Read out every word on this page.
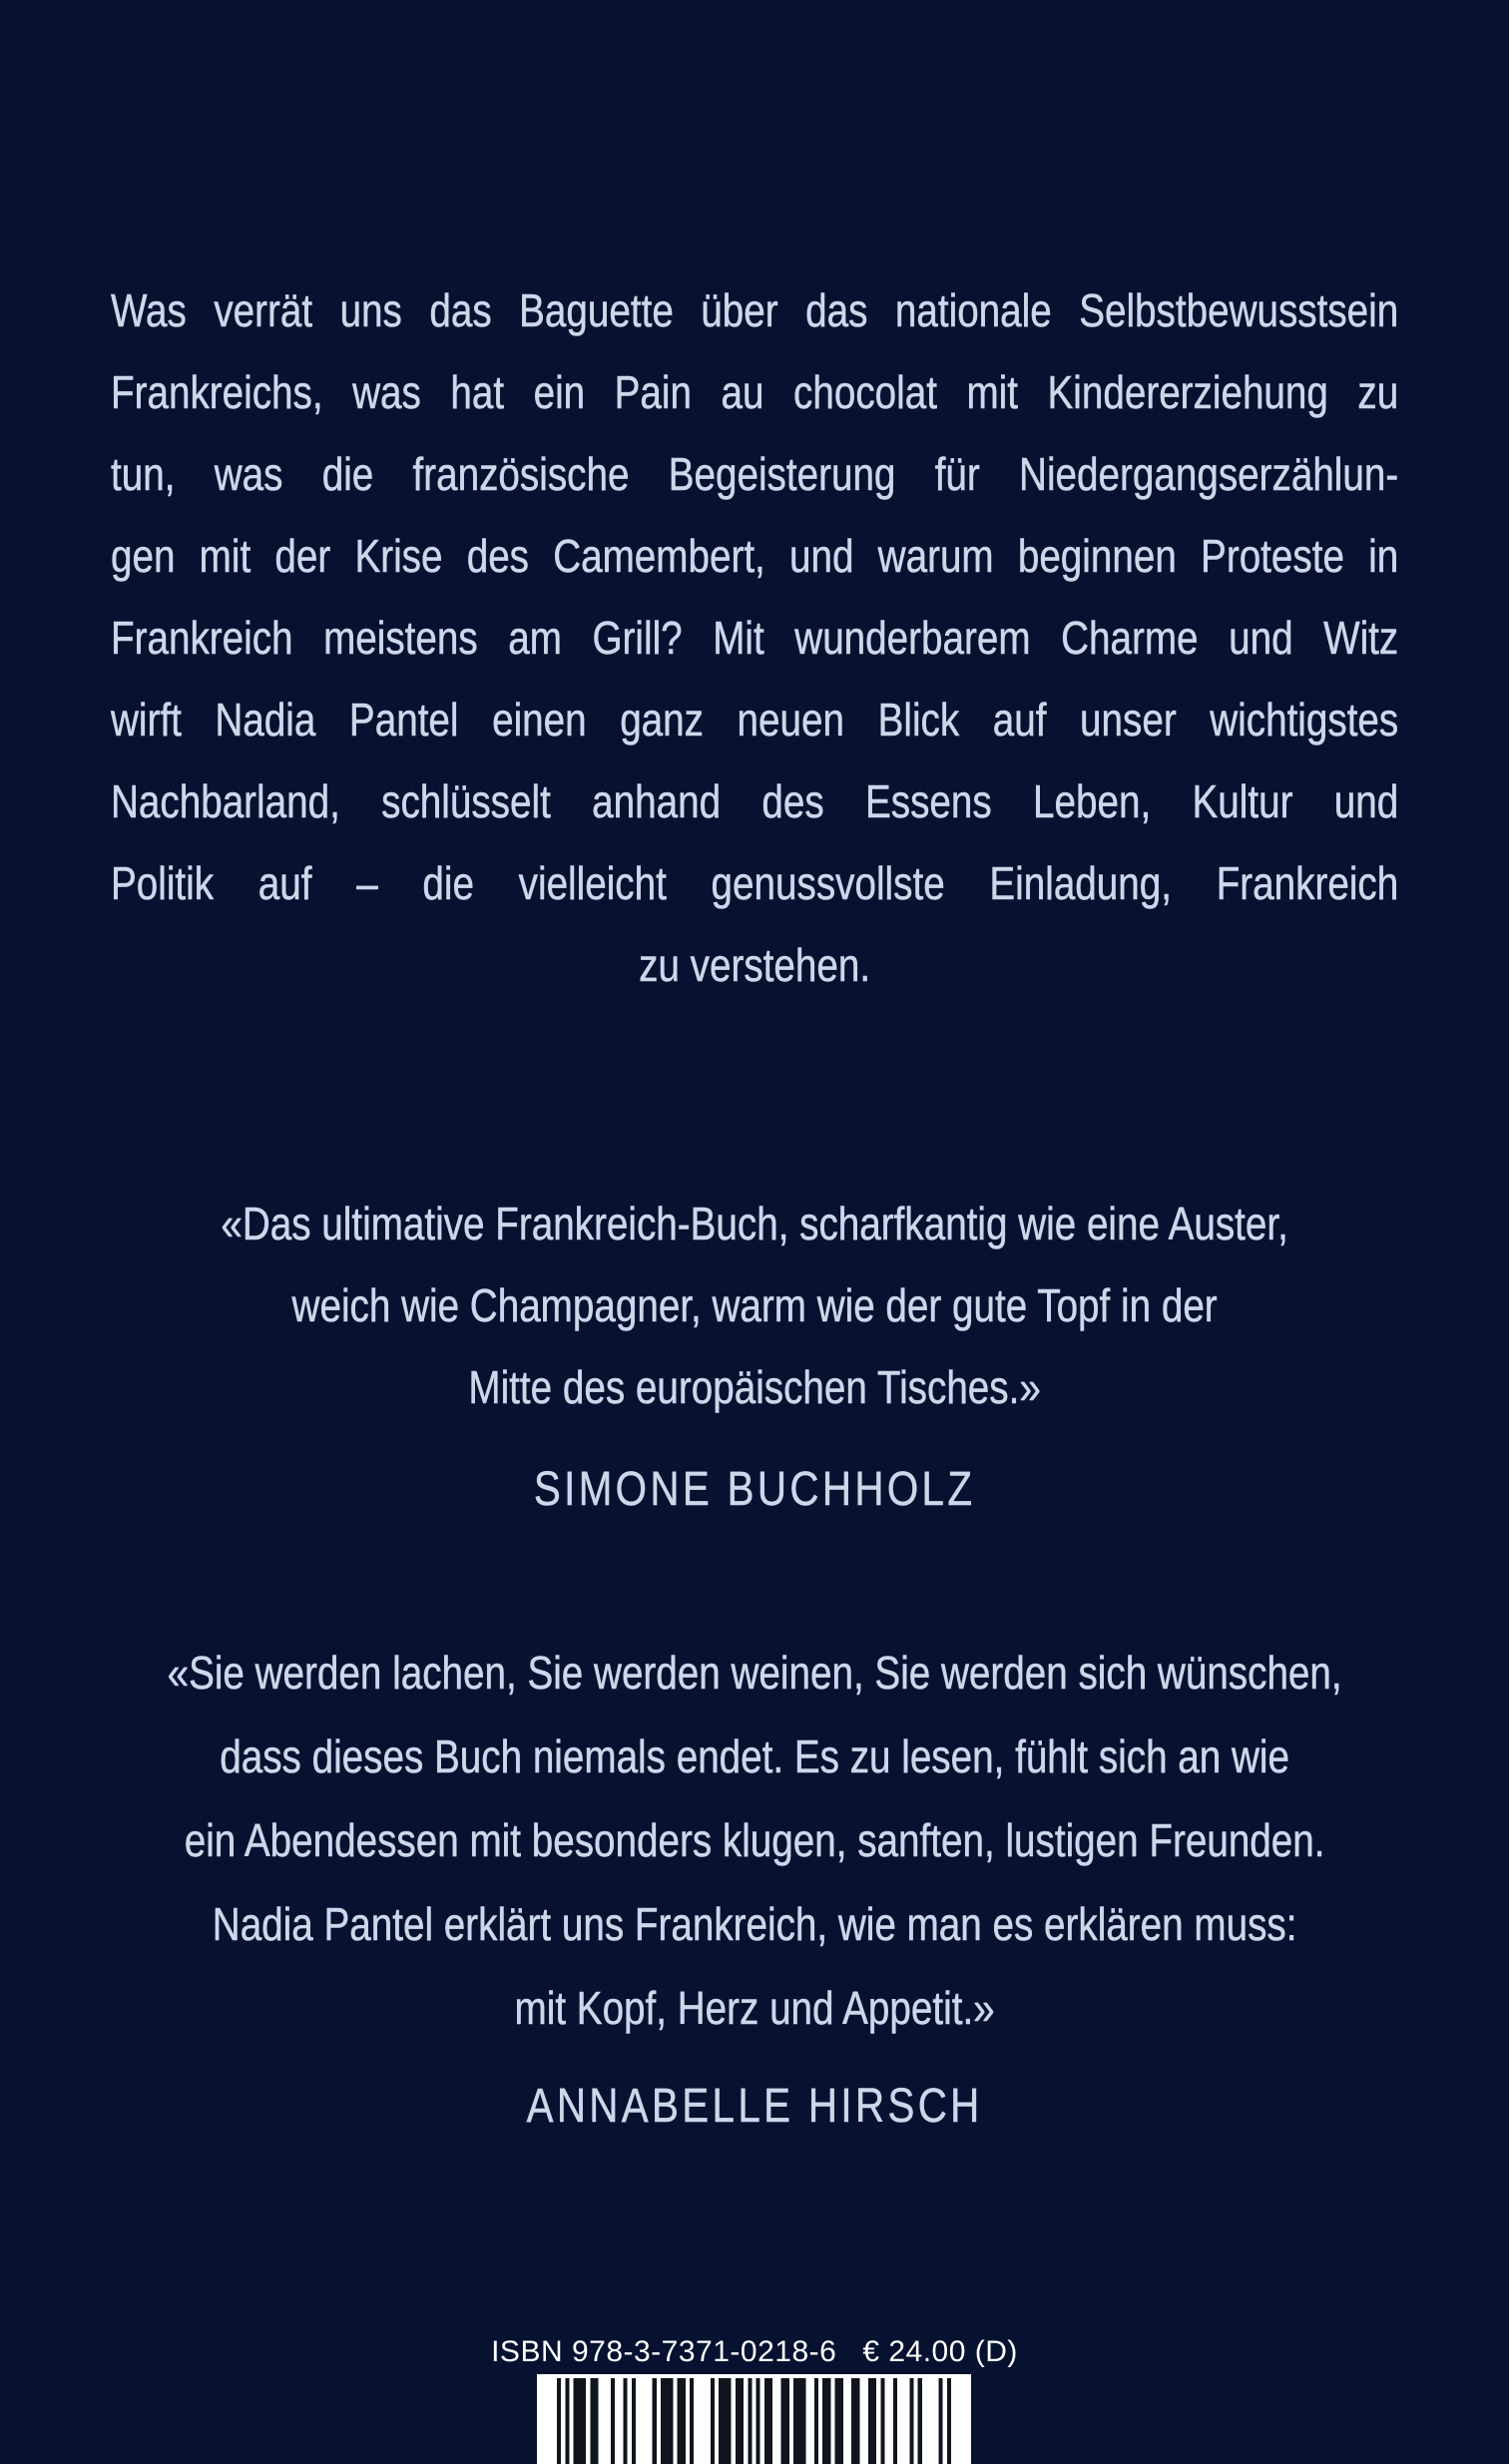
Was verrät uns das Baguette über das nationale Selbstbewusstsein
Frankreichs, was hat ein Pain au chocolat mit Kindererziehung zu
tun, was die französische Begeisterung für Niedergangserzählun-
gen mit der Krise des Camembert, und warum beginnen Proteste in
Frankreich meistens am Grill? Mit wunderbarem Charme und Witz
wirft Nadia Pantel einen ganz neuen Blick auf unser wichtigstes
Nachbarland, schlüsselt anhand des Essens Leben, Kultur und
Politik auf – die vielleicht genussvollste Einladung, Frankreich
zu verstehen.
«Das ultimative Frankreich-Buch, scharfkantig wie eine Auster,
weich wie Champagner, warm wie der gute Topf in der
Mitte des europäischen Tisches.»
SIMONE BUCHHOLZ
«Sie werden lachen, Sie werden weinen, Sie werden sich wünschen,
dass dieses Buch niemals endet. Es zu lesen, fühlt sich an wie
ein Abendessen mit besonders klugen, sanften, lustigen Freunden.
Nadia Pantel erklärt uns Frankreich, wie man es erklären muss:
mit Kopf, Herz und Appetit.»
ANNABELLE HIRSCH
ISBN 978-3-7371-0218-6 € 24.00 (D)
